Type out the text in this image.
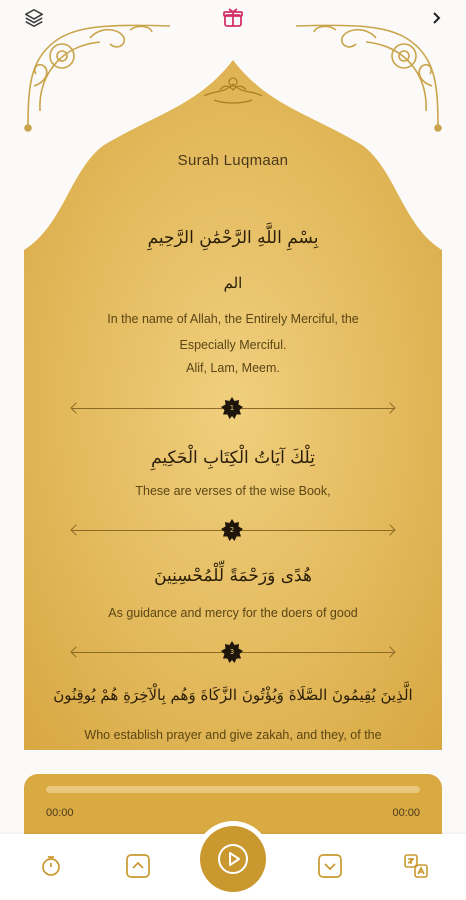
Surah Luqmaan
بِسْمِ اللَّهِ الرَّحْمَٰنِ الرَّحِيمِ
الم
In the name of Allah, the Entirely Merciful, the
Especially Merciful.
Alif, Lam, Meem.
1
تِلْكَ آيَاتُ الْكِتَابِ الْحَكِيمِ
These are verses of the wise Book,
2
هُدًى وَرَحْمَةً لِّلْمُحْسِنِينَ
As guidance and mercy for the doers of good
3
الَّذِينَ يُقِيمُونَ الصَّلَاةَ وَيُؤْتُونَ الزَّكَاةَ وَهُم بِالْآخِرَةِ هُمْ يُوقِنُونَ
Who establish prayer and give zakah, and they, of the
00:00	00:00
